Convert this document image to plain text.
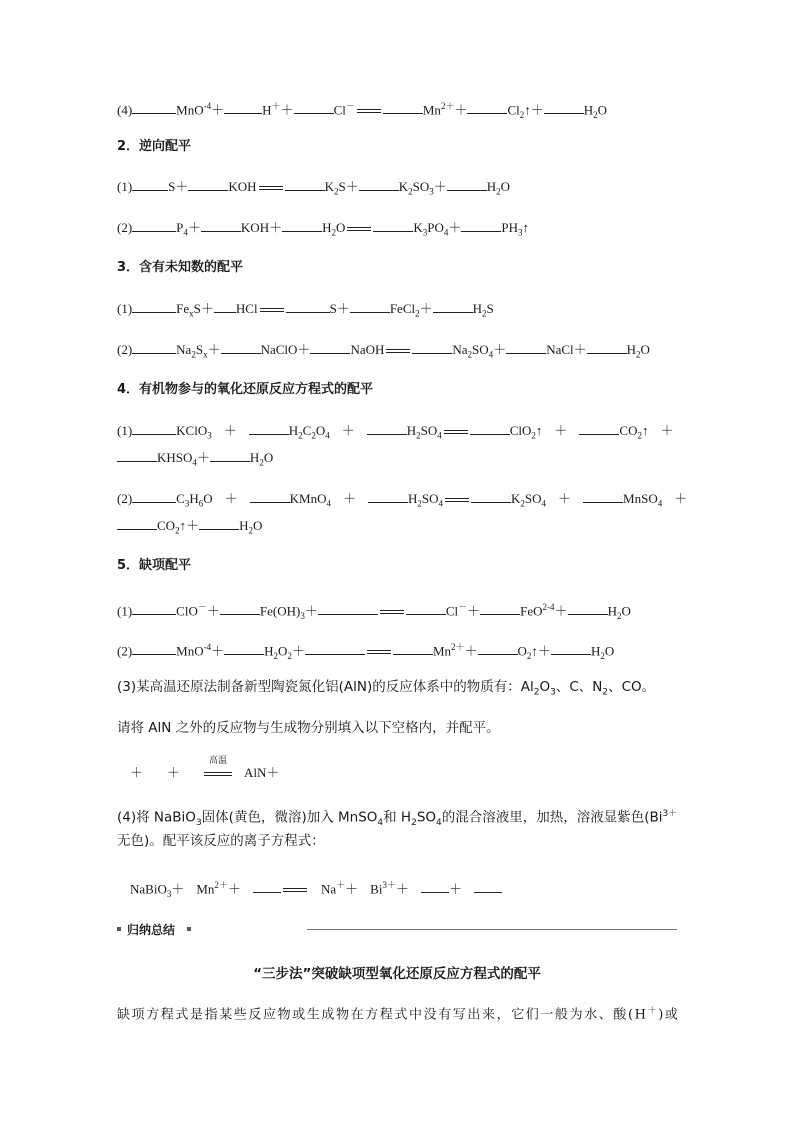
(4)	MnO$^{-4}$＋	H＋＋	Cl－	$Mn^{2+}+$	$Cl_2↑+$	$H_2O$
2．逆向配平
(1)	S＋	KOH	$K_2S+$	$K_2SO_3+$	$H_2O$
(2)	$P_4+$	KOH＋	$H_2O$	$K_3PO_4+$	$PH_3↑$
3．含有未知数的配平
(1)	$Fe_xS+$ HCl	S＋	FeCl$_2$＋	$H_2S$
(2)	$Na_2S_x+$	NaClO＋	NaOH	$Na_2SO_4+$	NaCl＋	$H_2O$
4．有机物参与的氧化还原反应方程式的配平
(1)	KClO$_3$ ＋	$H_2C_2O_4$ ＋	$H_2SO_4$	ClO$_2$↑ ＋	$CO_2↑$ ＋
$KHSO_4+$	$H_2O$
(2)	$C_3H_6O$ ＋	KMnO$_4$ ＋	$H_2SO_4$	$K_2SO_4$ ＋	MnSO$_4$ ＋
$CO_2↑+$	$H_2O$
5．缺项配平
(1)	ClO－＋	$Fe(OH)_3+$	Cl－＋	FeO$^{2-4}$＋	$H_2O$
(2)	MnO$^{-4}$＋	$H_2O_2+$	$Mn^{2+}+$	$O_2↑+$	$H_2O$
(3)某高温还原法制备新型陶瓷氮化铝(AlN)的反应体系中的物质有：$Al_2O_3$、C、$N_2$、CO。
请将 AlN 之外的反应物与生成物分别填入以下空格内，并配平。
＋ ＋
高温
AlN＋
(4)将 NaBiO$_3$固体(黄色，微溶)加入 MnSO$_4$和 $H_2SO_4$的混合溶液里，加热，溶液显紫色($Bi^{3+}$
无色)。配平该反应的离子方程式：
NaBiO$_3$＋ $Mn^{2+}+$	$Na^++ Bi^{3+}+$	＋
归纳总结
“三步法”突破缺项型氧化还原反应方程式的配平
缺项方程式是指某些反应物或生成物在方程式中没有写出来，它们一般为水、酸(H＋)或
